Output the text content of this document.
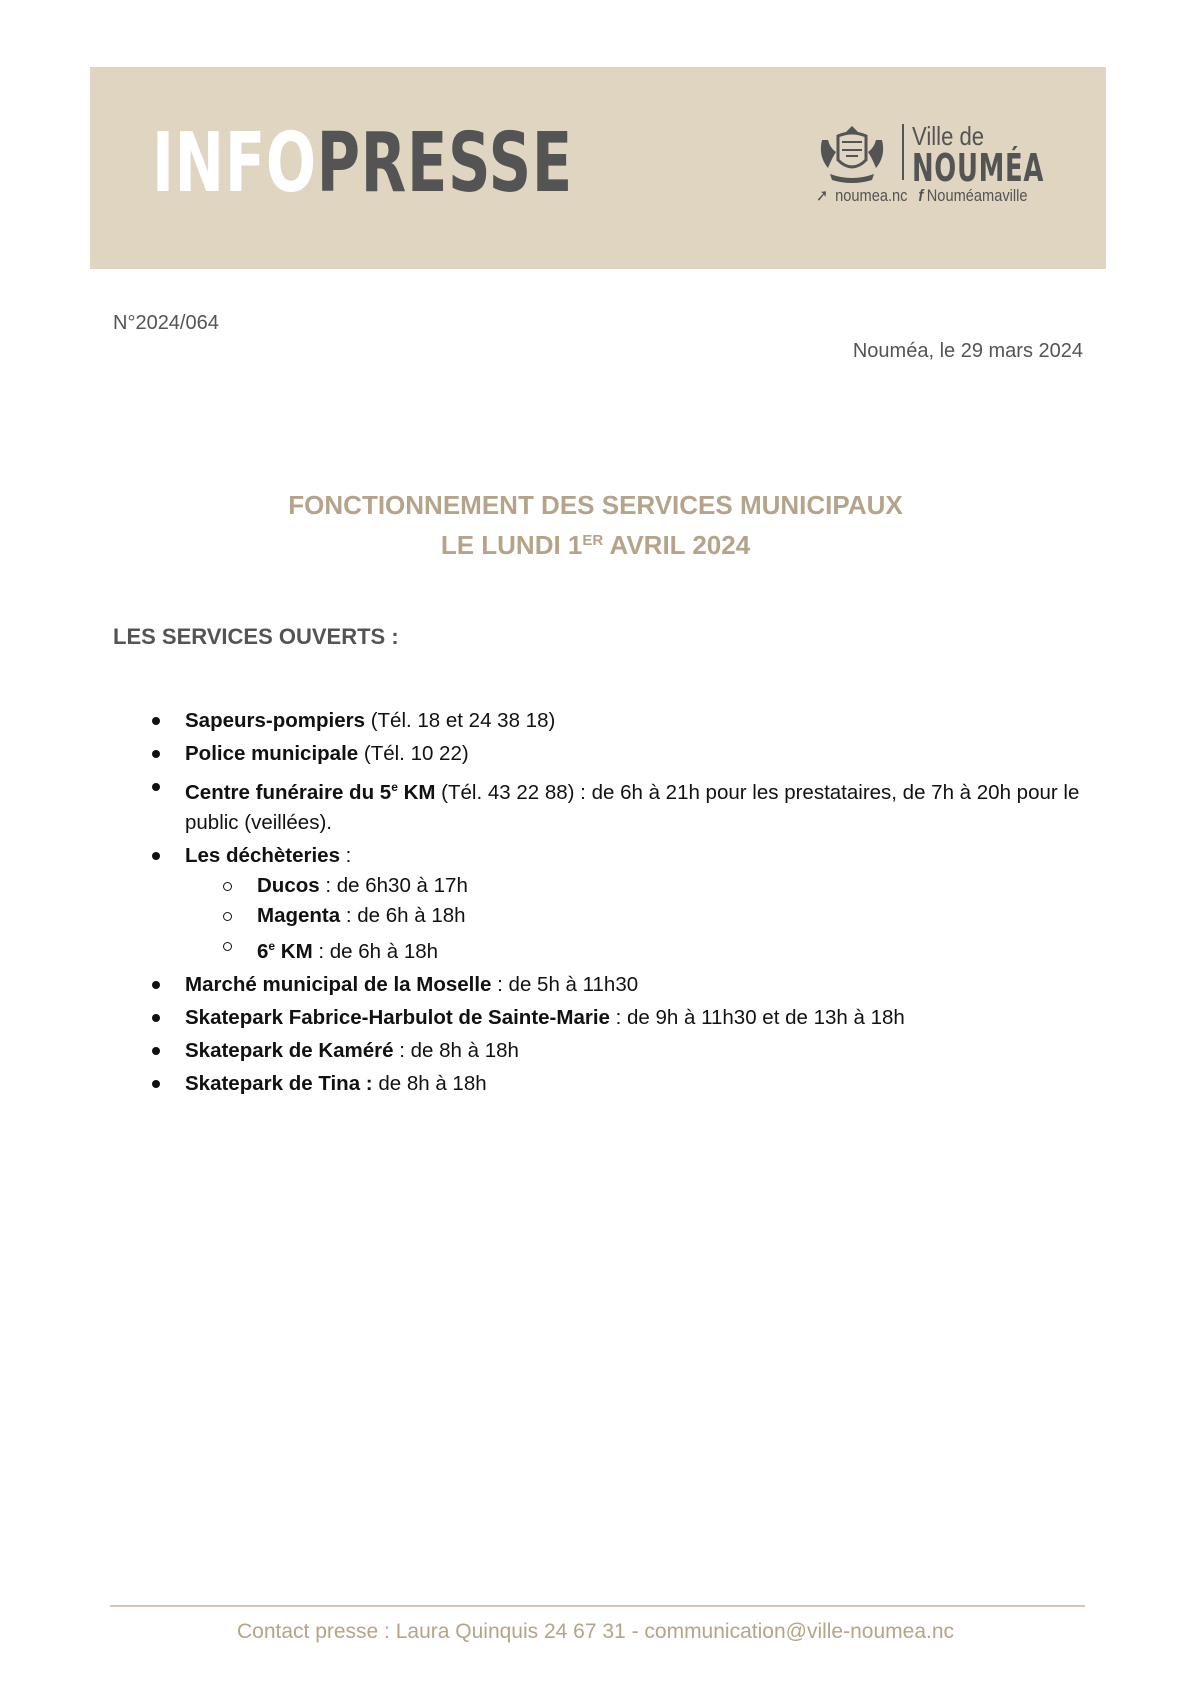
INFOPRESSE	Ville de
NOUMÉA
➚ noumea.nc f Nouméamaville
N°2024/064
Nouméa, le 29 mars 2024
FONCTIONNEMENT DES SERVICES MUNICIPAUX
LE LUNDI 1ER AVRIL 2024
LES SERVICES OUVERTS :
Sapeurs-pompiers (Tél. 18 et 24 38 18)
Police municipale (Tél. 10 22)
Centre funéraire du 5e KM (Tél. 43 22 88) : de 6h à 21h pour les prestataires, de 7h à 20h pour le public (veillées).
Les déchèteries :
Ducos : de 6h30 à 17h
Magenta : de 6h à 18h
6e KM : de 6h à 18h
Marché municipal de la Moselle : de 5h à 11h30
Skatepark Fabrice-Harbulot de Sainte-Marie : de 9h à 11h30 et de 13h à 18h
Skatepark de Kaméré : de 8h à 18h
Skatepark de Tina : de 8h à 18h
Contact presse : Laura Quinquis 24 67 31 - communication@ville-noumea.nc
